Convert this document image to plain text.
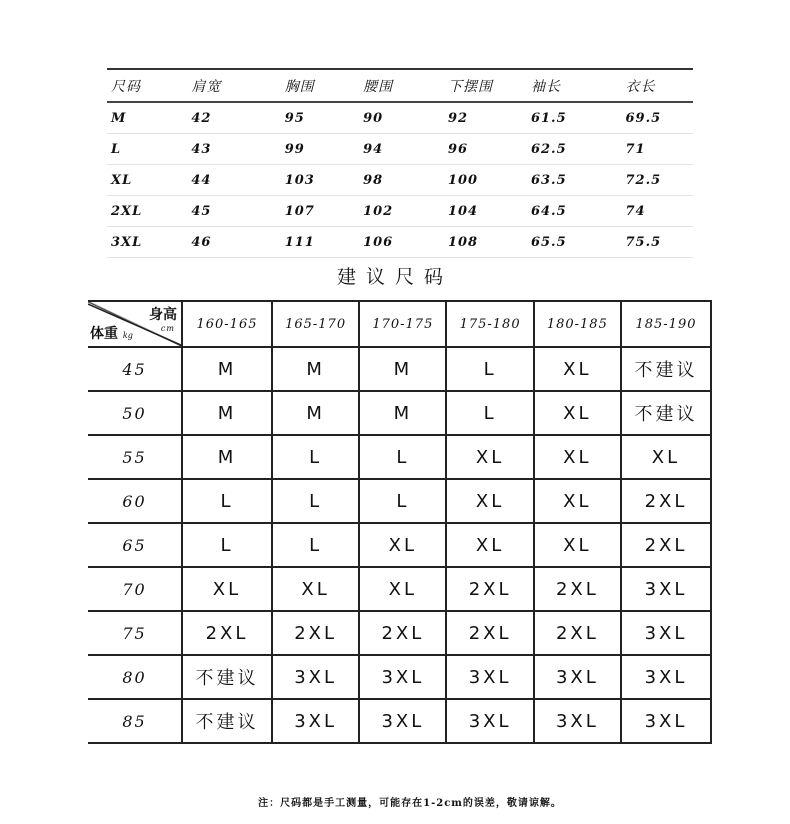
尺码	肩宽	胸围	腰围	下摆围	袖长	衣长
M	42	95	90	92	61.5	69.5
L	43	99	94	96	62.5	71
XL	44	103	98	100	63.5	72.5
2XL	45	107	102	104	64.5	74
3XL	46	111	106	108	65.5	75.5
建议尺码
身高
cm
体重 kg	160-165	165-170	170-175	175-180	180-185	185-190
45	M	M	M	L	XL	不建议
50	M	M	M	L	XL	不建议
55	M	L	L	XL	XL	XL
60	L	L	L	XL	XL	2XL
65	L	L	XL	XL	XL	2XL
70	XL	XL	XL	2XL	2XL	3XL
75	2XL	2XL	2XL	2XL	2XL	3XL
80	不建议	3XL	3XL	3XL	3XL	3XL
85	不建议	3XL	3XL	3XL	3XL	3XL
注：尺码都是手工测量，可能存在1-2cm的误差，敬请谅解。
